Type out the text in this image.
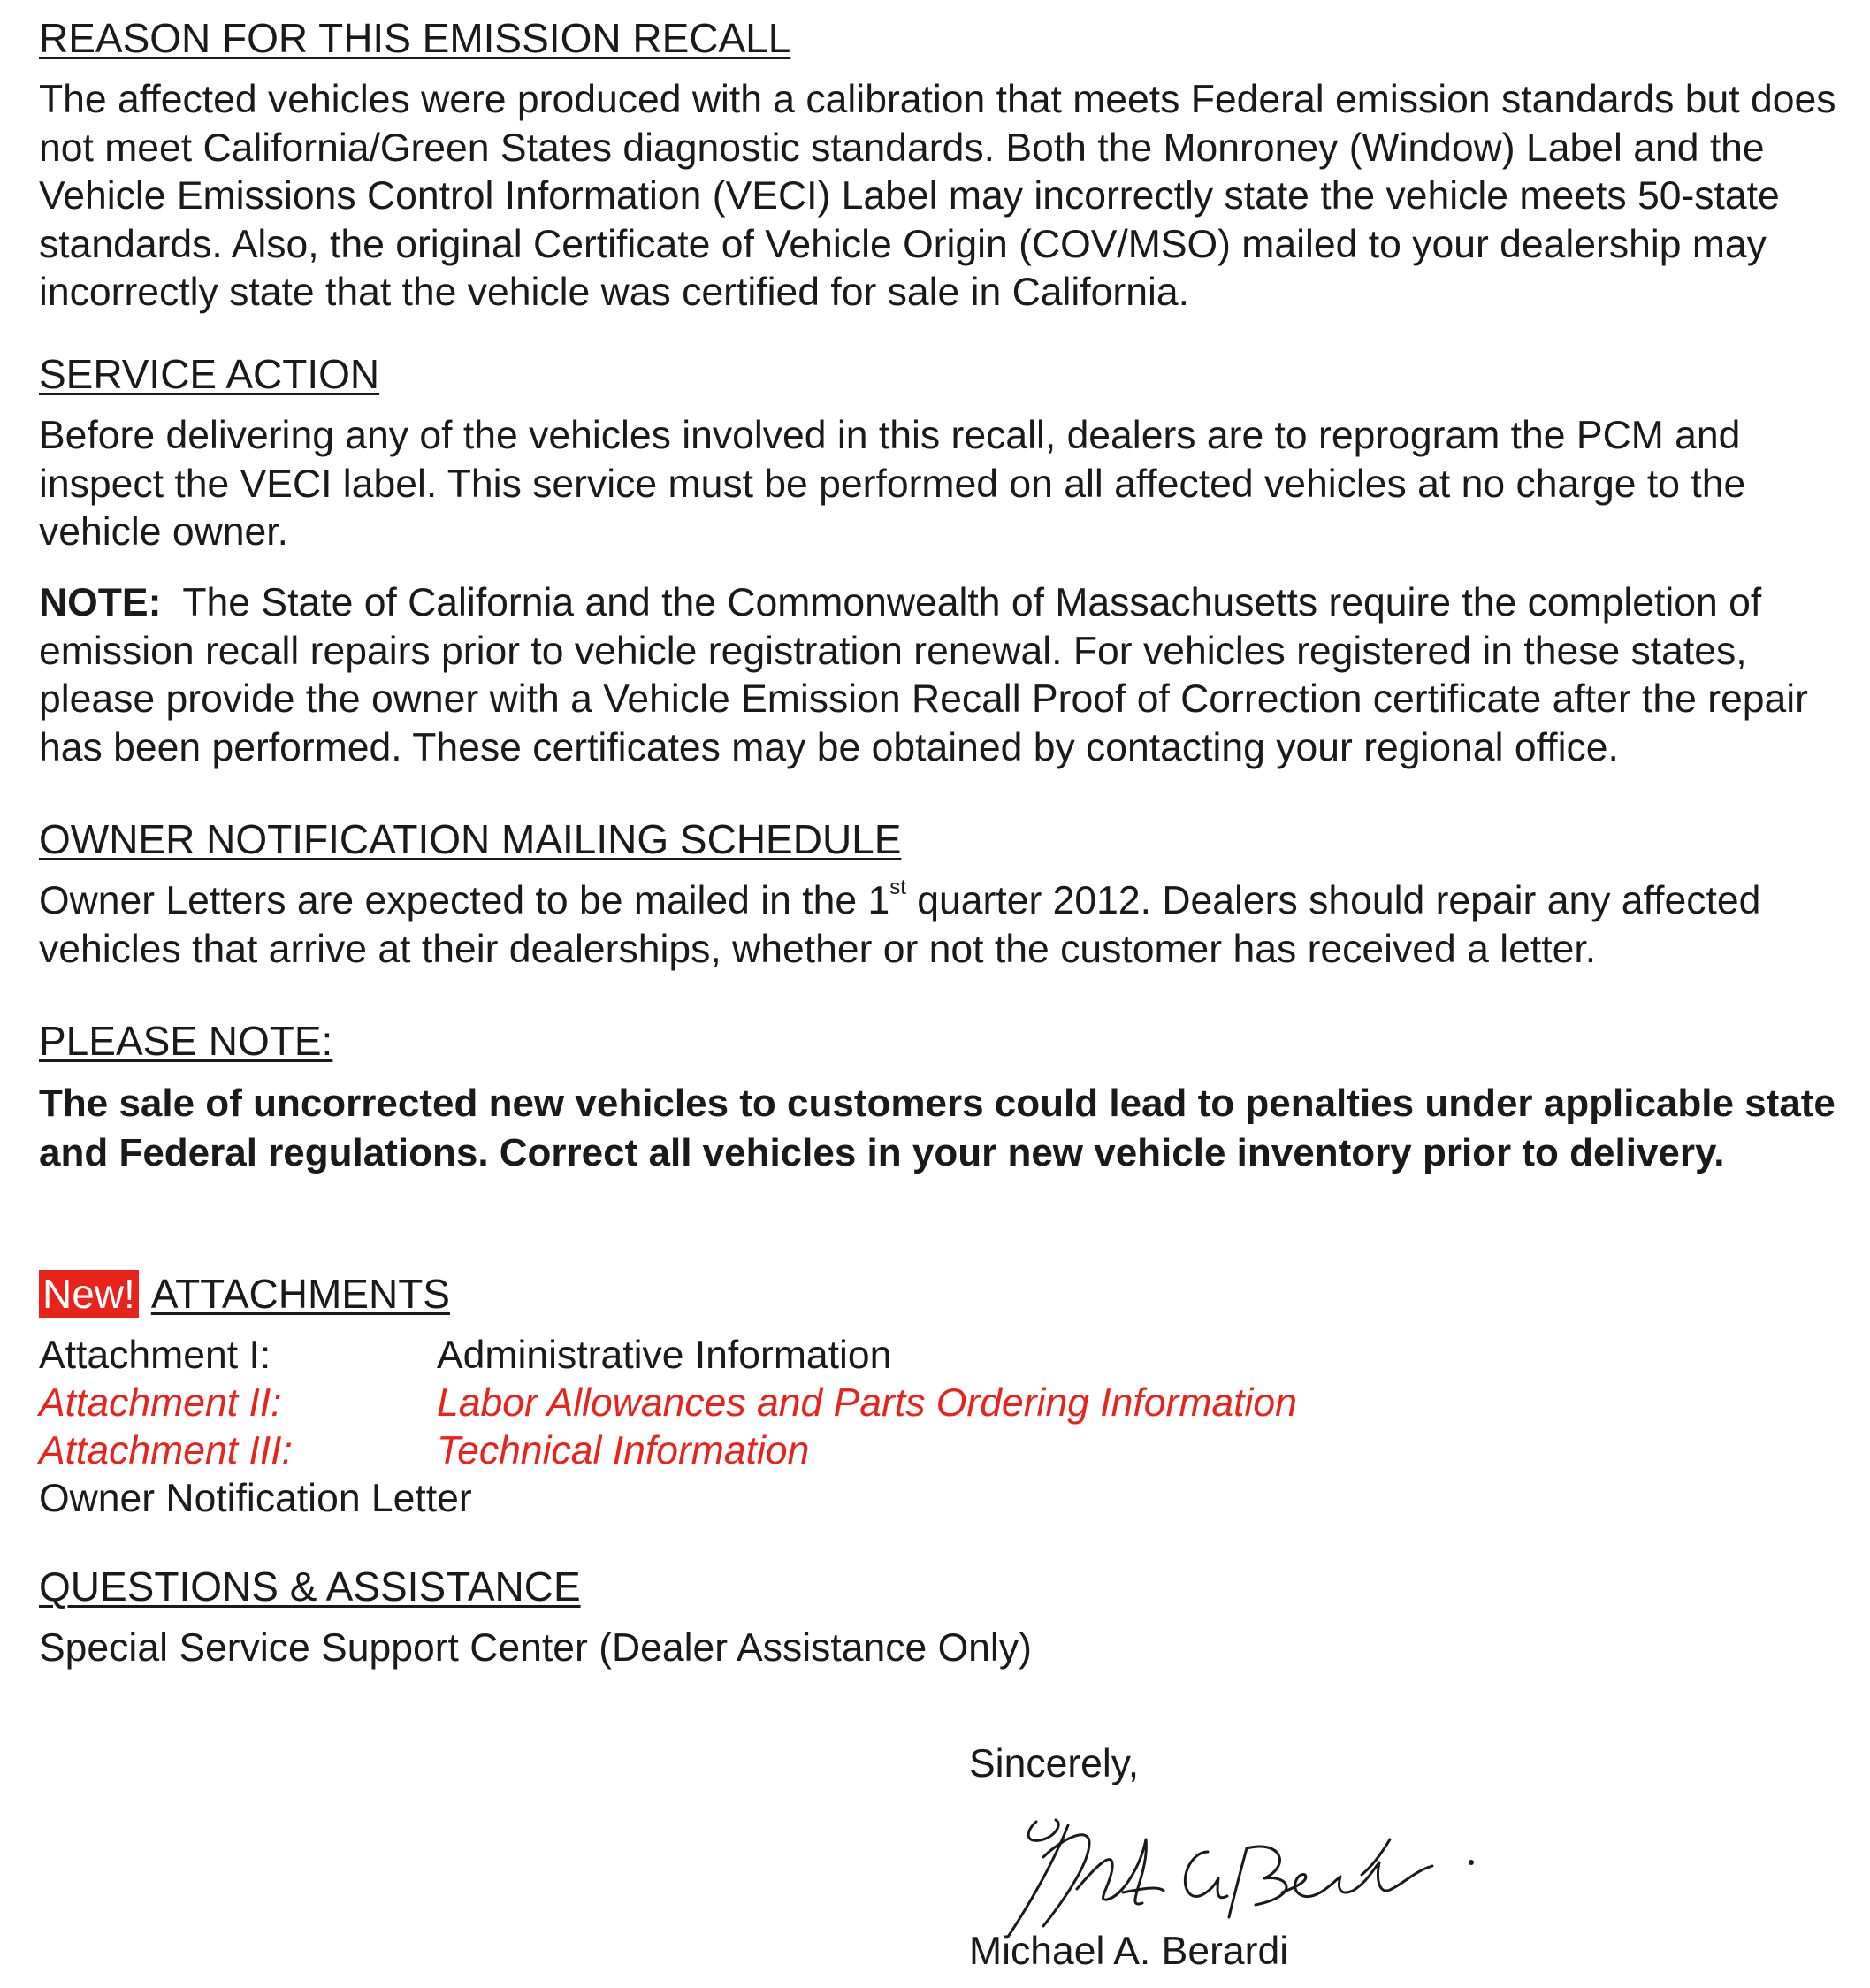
REASON FOR THIS EMISSION RECALL

The affected vehicles were produced with a calibration that meets Federal emission standards but does not meet California/Green States diagnostic standards. Both the Monroney (Window) Label and the Vehicle Emissions Control Information (VECI) Label may incorrectly state the vehicle meets 50-state standards. Also, the original Certificate of Vehicle Origin (COV/MSO) mailed to your dealership may incorrectly state that the vehicle was certified for sale in California.

SERVICE ACTION

Before delivering any of the vehicles involved in this recall, dealers are to reprogram the PCM and inspect the VECI label. This service must be performed on all affected vehicles at no charge to the vehicle owner.

NOTE: The State of California and the Commonwealth of Massachusetts require the completion of emission recall repairs prior to vehicle registration renewal. For vehicles registered in these states, please provide the owner with a Vehicle Emission Recall Proof of Correction certificate after the repair has been performed. These certificates may be obtained by contacting your regional office.

OWNER NOTIFICATION MAILING SCHEDULE

Owner Letters are expected to be mailed in the 1st quarter 2012. Dealers should repair any affected vehicles that arrive at their dealerships, whether or not the customer has received a letter.

PLEASE NOTE:

The sale of uncorrected new vehicles to customers could lead to penalties under applicable state and Federal regulations. Correct all vehicles in your new vehicle inventory prior to delivery.

New! ATTACHMENTS
Attachment I:	Administrative Information
Attachment II:	Labor Allowances and Parts Ordering Information
Attachment III:	Technical Information
Owner Notification Letter
QUESTIONS & ASSISTANCE

Special Service Support Center (Dealer Assistance Only)

Sincerely,
Michael A. Berardi
